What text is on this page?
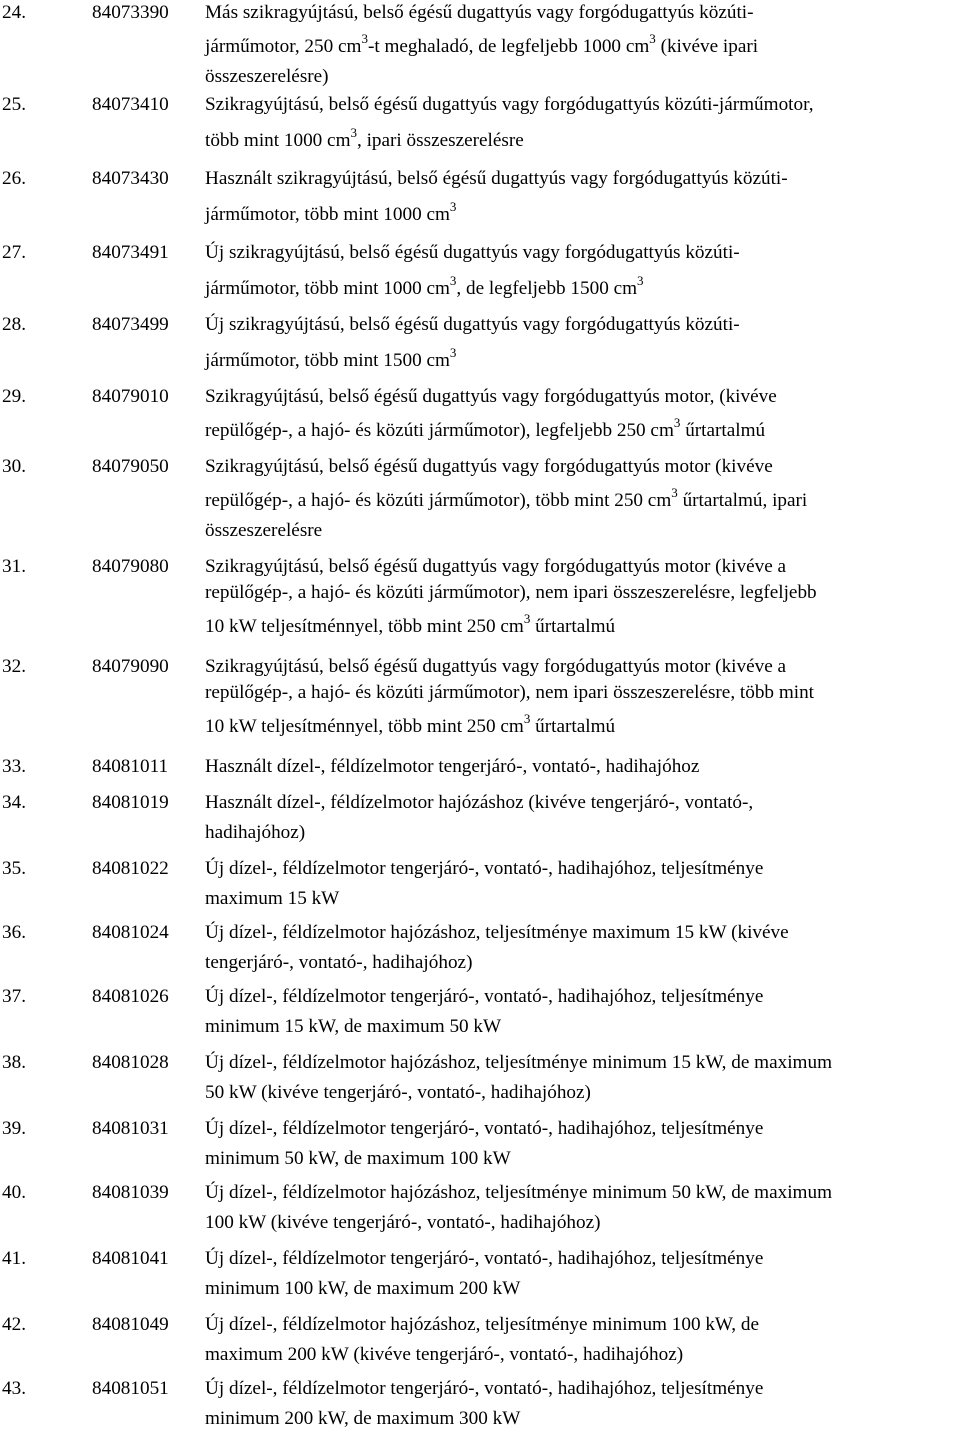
24.	84073390 Más szikragyújtású, belső égésű dugattyús vagy forgódugattyús közúti-
járműmotor, 250 $cm^3-t$ meghaladó, de legfeljebb 1000 $cm^3$ (kivéve ipari
összeszerelésre)
25.	84073410 Szikragyújtású, belső égésű dugattyús vagy forgódugattyús közúti-járműmotor,
több mint 1000 $cm^3$, ipari összeszerelésre
26.	84073430 Használt szikragyújtású, belső égésű dugattyús vagy forgódugattyús közúti-
járműmotor, több mint 1000 $cm^3$
27.	84073491 Új szikragyújtású, belső égésű dugattyús vagy forgódugattyús közúti-
járműmotor, több mint 1000 $cm^3$, de legfeljebb 1500 $cm^3$
28.	84073499 Új szikragyújtású, belső égésű dugattyús vagy forgódugattyús közúti-
járműmotor, több mint 1500 $cm^3$
29.	84079010 Szikragyújtású, belső égésű dugattyús vagy forgódugattyús motor, (kivéve
repülőgép-, a hajó- és közúti járműmotor), legfeljebb 250 $cm^3$ űrtartalmú
30.	84079050 Szikragyújtású, belső égésű dugattyús vagy forgódugattyús motor (kivéve
repülőgép-, a hajó- és közúti járműmotor), több mint 250 $cm^3$ űrtartalmú, ipari
összeszerelésre
31.	84079080 Szikragyújtású, belső égésű dugattyús vagy forgódugattyús motor (kivéve a
repülőgép-, a hajó- és közúti járműmotor), nem ipari összeszerelésre, legfeljebb
10 kW teljesítménnyel, több mint 250 $cm^3$ űrtartalmú
32.	84079090 Szikragyújtású, belső égésű dugattyús vagy forgódugattyús motor (kivéve a
repülőgép-, a hajó- és közúti járműmotor), nem ipari összeszerelésre, több mint
10 kW teljesítménnyel, több mint 250 $cm^3$ űrtartalmú
33.	84081011 Használt dízel-, féldízelmotor tengerjáró-, vontató-, hadihajóhoz
34.	84081019 Használt dízel-, féldízelmotor hajózáshoz (kivéve tengerjáró-, vontató-,
hadihajóhoz)
35.	84081022 Új dízel-, féldízelmotor tengerjáró-, vontató-, hadihajóhoz, teljesítménye
maximum 15 kW
36.	84081024 Új dízel-, féldízelmotor hajózáshoz, teljesítménye maximum 15 kW (kivéve
tengerjáró-, vontató-, hadihajóhoz)
37.	84081026 Új dízel-, féldízelmotor tengerjáró-, vontató-, hadihajóhoz, teljesítménye
minimum 15 kW, de maximum 50 kW
38.	84081028 Új dízel-, féldízelmotor hajózáshoz, teljesítménye minimum 15 kW, de maximum
50 kW (kivéve tengerjáró-, vontató-, hadihajóhoz)
39.	84081031 Új dízel-, féldízelmotor tengerjáró-, vontató-, hadihajóhoz, teljesítménye
minimum 50 kW, de maximum 100 kW
40.	84081039 Új dízel-, féldízelmotor hajózáshoz, teljesítménye minimum 50 kW, de maximum
100 kW (kivéve tengerjáró-, vontató-, hadihajóhoz)
41.	84081041 Új dízel-, féldízelmotor tengerjáró-, vontató-, hadihajóhoz, teljesítménye
minimum 100 kW, de maximum 200 kW
42.	84081049 Új dízel-, féldízelmotor hajózáshoz, teljesítménye minimum 100 kW, de
maximum 200 kW (kivéve tengerjáró-, vontató-, hadihajóhoz)
43.	84081051 Új dízel-, féldízelmotor tengerjáró-, vontató-, hadihajóhoz, teljesítménye
minimum 200 kW, de maximum 300 kW
